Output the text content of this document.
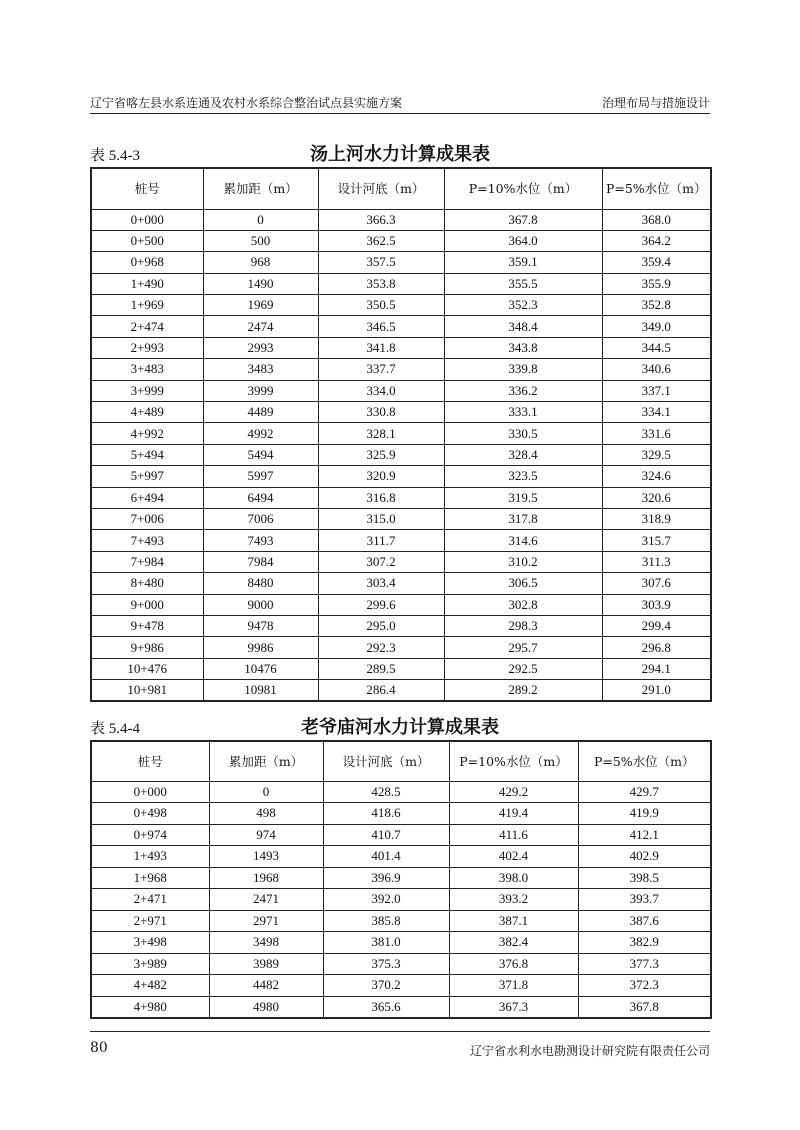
辽宁省喀左县水系连通及农村水系综合整治试点县实施方案	治理布局与措施设计
表 5.4-3	汤上河水力计算成果表
桩号	累加距（m）	设计河底（m）	P=10%水位（m）	P=5%水位（m）
0+000	0	366.3	367.8	368.0
0+500	500	362.5	364.0	364.2
0+968	968	357.5	359.1	359.4
1+490	1490	353.8	355.5	355.9
1+969	1969	350.5	352.3	352.8
2+474	2474	346.5	348.4	349.0
2+993	2993	341.8	343.8	344.5
3+483	3483	337.7	339.8	340.6
3+999	3999	334.0	336.2	337.1
4+489	4489	330.8	333.1	334.1
4+992	4992	328.1	330.5	331.6
5+494	5494	325.9	328.4	329.5
5+997	5997	320.9	323.5	324.6
6+494	6494	316.8	319.5	320.6
7+006	7006	315.0	317.8	318.9
7+493	7493	311.7	314.6	315.7
7+984	7984	307.2	310.2	311.3
8+480	8480	303.4	306.5	307.6
9+000	9000	299.6	302.8	303.9
9+478	9478	295.0	298.3	299.4
9+986	9986	292.3	295.7	296.8
10+476	10476	289.5	292.5	294.1
10+981	10981	286.4	289.2	291.0
表 5.4-4	老爷庙河水力计算成果表
桩号	累加距（m）	设计河底（m）	P=10%水位（m）	P=5%水位（m）
0+000	0	428.5	429.2	429.7
0+498	498	418.6	419.4	419.9
0+974	974	410.7	411.6	412.1
1+493	1493	401.4	402.4	402.9
1+968	1968	396.9	398.0	398.5
2+471	2471	392.0	393.2	393.7
2+971	2971	385.8	387.1	387.6
3+498	3498	381.0	382.4	382.9
3+989	3989	375.3	376.8	377.3
4+482	4482	370.2	371.8	372.3
4+980	4980	365.6	367.3	367.8
80	辽宁省水利水电勘测设计研究院有限责任公司
